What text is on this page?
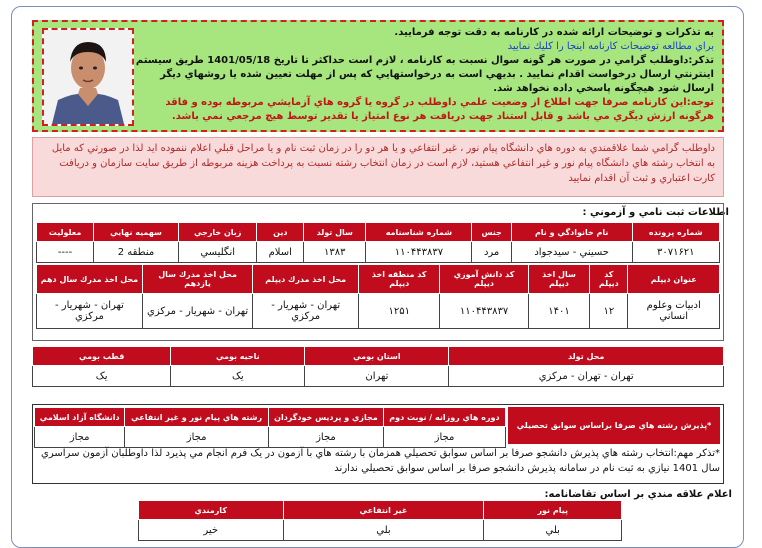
به تذكرات و توضيحات ارائه شده در كارنامه به دقت توجه فرماييد.
براي مطالعه توضيحات كارنامه اينجا را كليك نماييد
تذكر:داوطلب گرامي در صورت هر گونه سوال نسبت به كارنامه ، لازم است حداكثر تا تاريخ 1401/05/18 طريق سيستم اينترنتي ارسال درخواست اقدام نماييد . بديهي است به درخواستهايي كه پس از مهلت تعيين شده يا روشهاي ديگر ارسال شود هيچگونه پاسخي داده نخواهد شد.
توجه:اين كارنامه صرفا جهت اطلاع از وضعيت علمي داوطلب در گروه يا گروه هاي آزمايشي مربوطه بوده و فاقد هرگونه ارزش ديگري مي باشد و قابل استناد جهت دريافت هر نوع امتياز يا تقدير توسط هيچ مرجعي نمي باشد.
داوطلب گرامي شما علاقمندي به دوره هاي دانشگاه پيام نور ، غير انتفاعي و يا هر دو را در زمان ثبت نام و يا مراحل قبلي اعلام ننموده ايد لذا در صورتي كه مايل به انتخاب رشته هاي دانشگاه پيام نور و غير انتفاعي هستيد، لازم است در زمان انتخاب رشته نسبت به پرداخت هزينه مربوطه از طريق سايت سازمان و دريافت كارت اعتباري و ثبت آن اقدام نماييد
اطلاعات ثبت نامي و آزموني :
شماره پرونده	نام خانوادگي و نام	جنس	شماره شناسنامه	سال تولد	دين	زبان خارجي	سهميه نهايي	معلوليت
۳۰۷۱۶۲۱	حسيني - سيدجواد	مرد	۱۱۰۴۴۳۸۳۷	۱۳۸۳	اسلام	انگليسي	منطقه 2	----
عنوان ديپلم	كد ديپلم	سال اخذ ديپلم	كد دانش آموزي ديپلم	كد منطقه اخذ ديپلم	محل اخذ مدرك ديپلم	محل اخذ مدرك سال يازدهم	محل اخذ مدرك سال دهم
ادبيات وعلوم انساني	۱۲	۱۴۰۱	۱۱۰۴۴۳۸۳۷	۱۲۵۱	تهران - شهريار - مركزي	تهران - شهريار - مركزي	تهران - شهريار - مركزي
محل تولد	استان بومي	ناحيه بومي	قطب بومي
تهران - تهران - مركزي	تهران	يک	يک
*پذيرش رشته هاي صرفا براساس سوابق تحصيلي
دوره هاي روزانه / نوبت دوم	مجازي و پرديس خودگردان	رشته هاي پيام نور و غير انتفاعي	دانشگاه آزاد اسلامي
مجاز	مجاز	مجاز	مجاز
*تذكر مهم:انتخاب رشته هاي پذيرش دانشجو صرفا بر اساس سوابق تحصيلي همزمان با رشته هاي با آزمون در يک فرم انجام مي پذيرد لذا داوطلبان آزمون سراسري سال 1401 نيازي به ثبت نام در سامانه پذيرش دانشجو صرفا بر اساس سوابق تحصيلي ندارند
اعلام علاقه مندي بر اساس تقاضانامه:
پيام نور	غير انتفاعي	كارمندي
بلي	بلي	خير
